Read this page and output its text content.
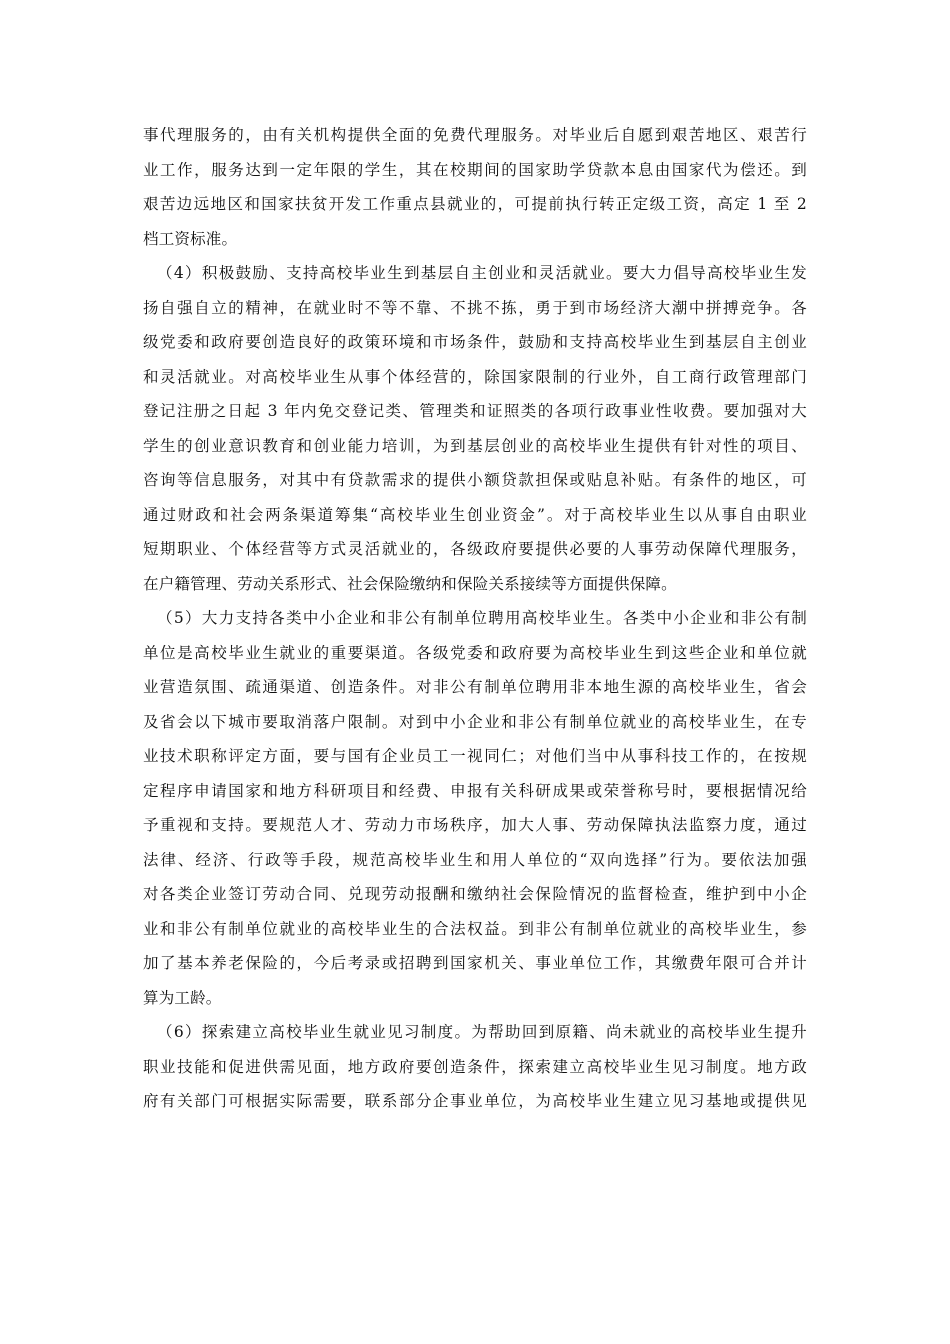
事代理服务的，由有关机构提供全面的免费代理服务。对毕业后自愿到艰苦地区、艰苦行
业工作，服务达到一定年限的学生，其在校期间的国家助学贷款本息由国家代为偿还。到
艰苦边远地区和国家扶贫开发工作重点县就业的，可提前执行转正定级工资，高定 1 至 2
档工资标准。
（4）积极鼓励、支持高校毕业生到基层自主创业和灵活就业。要大力倡导高校毕业生发
扬自强自立的精神，在就业时不等不靠、不挑不拣，勇于到市场经济大潮中拼搏竞争。各
级党委和政府要创造良好的政策环境和市场条件，鼓励和支持高校毕业生到基层自主创业
和灵活就业。对高校毕业生从事个体经营的，除国家限制的行业外，自工商行政管理部门
登记注册之日起 3 年内免交登记类、管理类和证照类的各项行政事业性收费。要加强对大
学生的创业意识教育和创业能力培训，为到基层创业的高校毕业生提供有针对性的项目、
咨询等信息服务，对其中有贷款需求的提供小额贷款担保或贴息补贴。有条件的地区，可
通过财政和社会两条渠道筹集“高校毕业生创业资金”。对于高校毕业生以从事自由职业
短期职业、个体经营等方式灵活就业的，各级政府要提供必要的人事劳动保障代理服务，
在户籍管理、劳动关系形式、社会保险缴纳和保险关系接续等方面提供保障。
（5）大力支持各类中小企业和非公有制单位聘用高校毕业生。各类中小企业和非公有制
单位是高校毕业生就业的重要渠道。各级党委和政府要为高校毕业生到这些企业和单位就
业营造氛围、疏通渠道、创造条件。对非公有制单位聘用非本地生源的高校毕业生，省会
及省会以下城市要取消落户限制。对到中小企业和非公有制单位就业的高校毕业生，在专
业技术职称评定方面，要与国有企业员工一视同仁；对他们当中从事科技工作的，在按规
定程序申请国家和地方科研项目和经费、申报有关科研成果或荣誉称号时，要根据情况给
予重视和支持。要规范人才、劳动力市场秩序，加大人事、劳动保障执法监察力度，通过
法律、经济、行政等手段，规范高校毕业生和用人单位的“双向选择”行为。要依法加强
对各类企业签订劳动合同、兑现劳动报酬和缴纳社会保险情况的监督检查，维护到中小企
业和非公有制单位就业的高校毕业生的合法权益。到非公有制单位就业的高校毕业生，参
加了基本养老保险的，今后考录或招聘到国家机关、事业单位工作，其缴费年限可合并计
算为工龄。
（6）探索建立高校毕业生就业见习制度。为帮助回到原籍、尚未就业的高校毕业生提升
职业技能和促进供需见面，地方政府要创造条件，探索建立高校毕业生见习制度。地方政
府有关部门可根据实际需要，联系部分企事业单位，为高校毕业生建立见习基地或提供见
